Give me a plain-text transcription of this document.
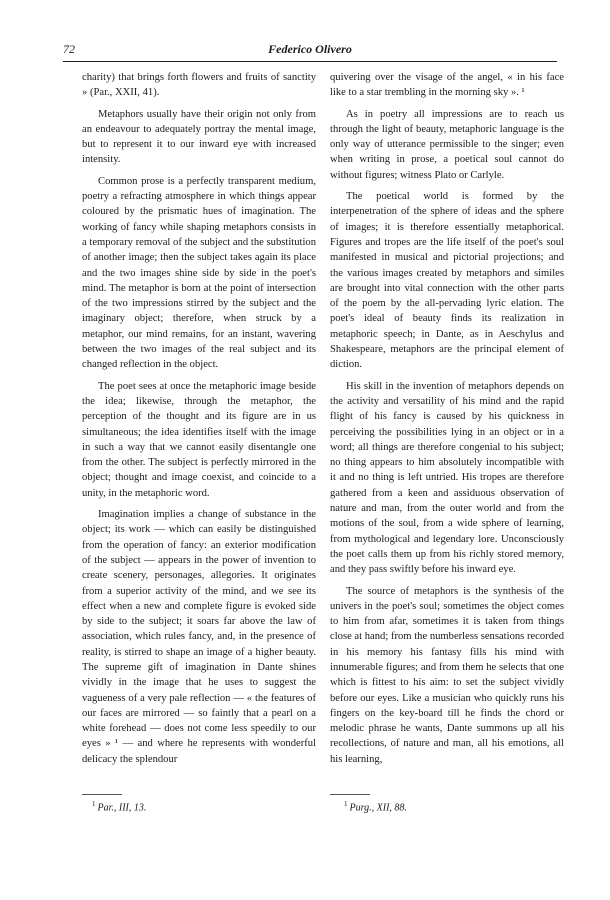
72	Federico Olivero

charity) that brings forth flowers and fruits of sanctity » (Par., XXII, 41).

Metaphors usually have their origin not only from an endeavour to adequately portray the mental image, but to represent it to our inward eye with increased intensity.

Common prose is a perfectly transparent medium, poetry a refracting atmosphere in which things appear coloured by the prismatic hues of imagination. The working of fancy while shaping metaphors consists in a temporary removal of the subject and the substitution of another image; then the subject takes again its place and the two images shine side by side in the poet's mind. The metaphor is born at the point of intersection of the two impressions stirred by the subject and the imaginary object; therefore, when struck by a metaphor, our mind remains, for an instant, wavering between the two images of the real subject and its changed reflection in the object.

The poet sees at once the metaphoric image beside the idea; likewise, through the metaphor, the perception of the thought and its figure are in us simultaneous; the idea identifies itself with the image in such a way that we cannot easily disentangle one from the other. The subject is perfectly mirrored in the object; thought and image coexist, and coincide to a unity, in the metaphoric word.

Imagination implies a change of substance in the object; its work — which can easily be distinguished from the operation of fancy: an exterior modification of the subject — appears in the power of invention to create scenery, personages, allegories. It originates from a superior activity of the mind, and we see its effect when a new and complete figure is evoked side by side to the subject; it soars far above the law of association, which rules fancy, and, in the presence of reality, is stirred to shape an image of a higher beauty. The supreme gift of imagination in Dante shines vividly in the image that he uses to suggest the vagueness of a very pale reflection — « the features of our faces are mirrored — so faintly that a pearl on a white forehead — does not come less speedily to our eyes » ¹ — and where he represents with wonderful delicacy the splendour

quivering over the visage of the angel, « in his face like to a star trembling in the morning sky ». ¹

As in poetry all impressions are to reach us through the light of beauty, metaphoric language is the only way of utterance permissible to the singer; even when writing in prose, a poetical soul cannot do without figures; witness Plato or Carlyle.

The poetical world is formed by the interpenetration of the sphere of ideas and the sphere of images; it is therefore essentially metaphorical. Figures and tropes are the life itself of the poet's soul manifested in musical and pictorial projections; and the various images created by metaphors and similes are brought into vital connection with the other parts of the poem by the all-pervading lyric elation. The poet's ideal of beauty finds its realization in metaphoric speech; in Dante, as in Aeschylus and Shakespeare, metaphors are the principal element of diction.

His skill in the invention of metaphors depends on the activity and versatility of his mind and the rapid flight of his fancy is caused by his quickness in perceiving the possibilities lying in an object or in a word; all things are therefore congenial to his subject; no thing appears to him absolutely incompatible with it and no thing is left untried. His tropes are therefore gathered from a keen and assiduous observation of nature and man, from the outer world and from the motions of the soul, from a wide sphere of learning, from mythological and legendary lore. Unconsciously the poet calls them up from his richly stored memory, and they pass swiftly before his inward eye.

The source of metaphors is the synthesis of the univers in the poet's soul; sometimes the object comes to him from afar, sometimes it is taken from things close at hand; from the numberless sensations recorded in his memory his fantasy fills his mind with innumerable figures; and from them he selects that one which is fittest to his aim: to set the subject vividly before our eyes. Like a musician who quickly runs his fingers on the key-board till he finds the chord or melodic phrase he wants, Dante summons up all his recollections, of nature and man, all his emotions, all his learning,

$^1$ Par., III, 13.	$^1$ Purg., XII, 88.
